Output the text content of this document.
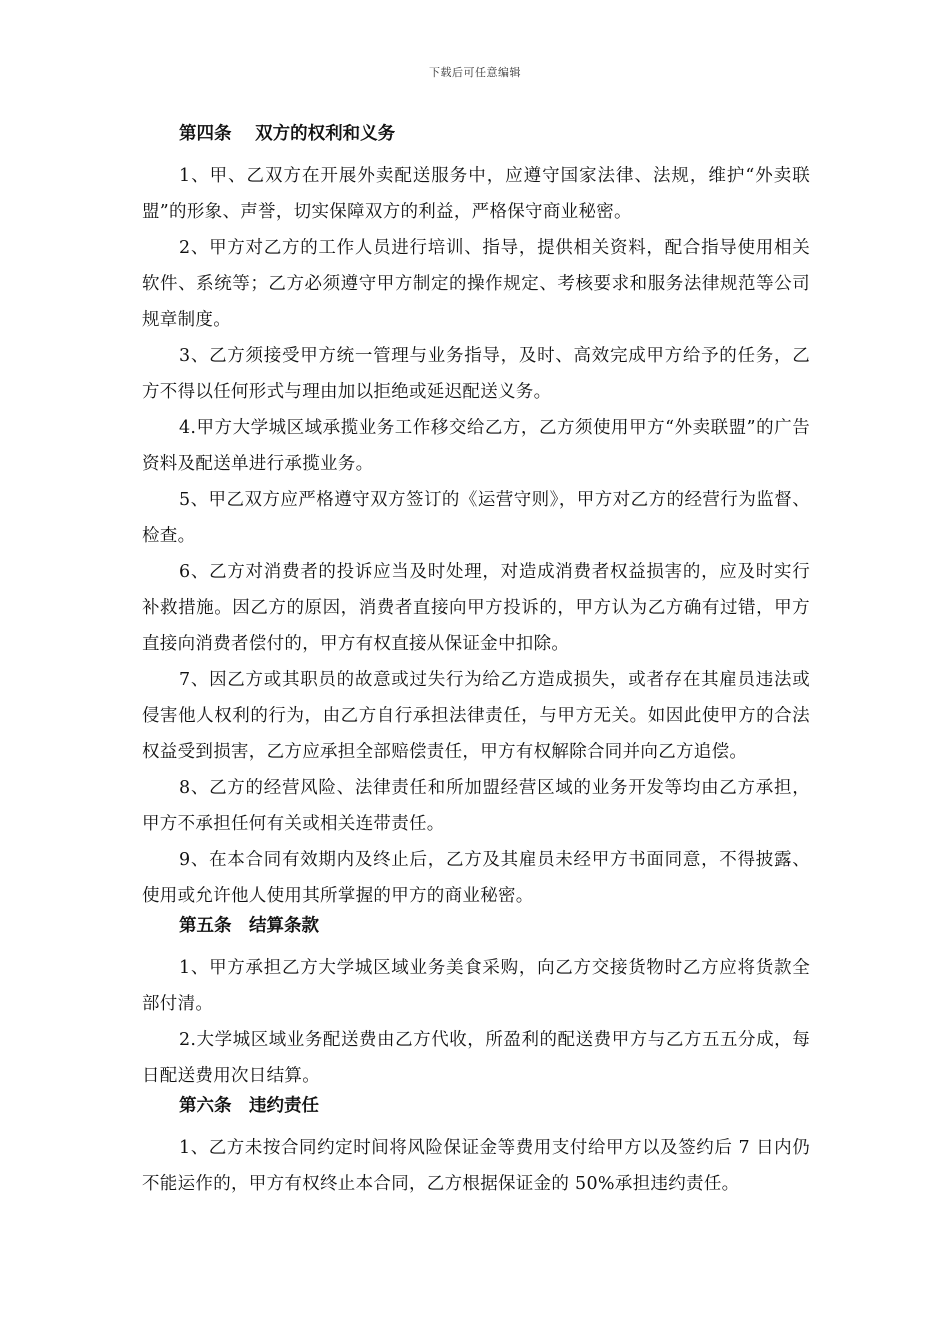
下载后可任意编辑
第四条　 双方的权利和义务

1、甲、乙双方在开展外卖配送服务中，应遵守国家法律、法规，维护“外卖联盟”的形象、声誉，切实保障双方的利益，严格保守商业秘密。

2、甲方对乙方的工作人员进行培训、指导，提供相关资料，配合指导使用相关软件、系统等；乙方必须遵守甲方制定的操作规定、考核要求和服务法律规范等公司规章制度。

3、乙方须接受甲方统一管理与业务指导，及时、高效完成甲方给予的任务，乙方不得以任何形式与理由加以拒绝或延迟配送义务。

4.甲方大学城区域承揽业务工作移交给乙方，乙方须使用甲方“外卖联盟”的广告资料及配送单进行承揽业务。

5、甲乙双方应严格遵守双方签订的《运营守则》，甲方对乙方的经营行为监督、检查。

6、乙方对消费者的投诉应当及时处理，对造成消费者权益损害的，应及时实行补救措施。因乙方的原因，消费者直接向甲方投诉的，甲方认为乙方确有过错，甲方直接向消费者偿付的，甲方有权直接从保证金中扣除。

7、因乙方或其职员的故意或过失行为给乙方造成损失，或者存在其雇员违法或侵害他人权利的行为，由乙方自行承担法律责任，与甲方无关。如因此使甲方的合法权益受到损害，乙方应承担全部赔偿责任，甲方有权解除合同并向乙方追偿。

8、乙方的经营风险、法律责任和所加盟经营区域的业务开发等均由乙方承担，甲方不承担任何有关或相关连带责任。

9、在本合同有效期内及终止后，乙方及其雇员未经甲方书面同意，不得披露、使用或允许他人使用其所掌握的甲方的商业秘密。

第五条　结算条款

1、甲方承担乙方大学城区域业务美食采购，向乙方交接货物时乙方应将货款全部付清。

2.大学城区域业务配送费由乙方代收，所盈利的配送费甲方与乙方五五分成，每日配送费用次日结算。

第六条　违约责任

1、乙方未按合同约定时间将风险保证金等费用支付给甲方以及签约后 7 日内仍不能运作的，甲方有权终止本合同，乙方根据保证金的 50%承担违约责任。
